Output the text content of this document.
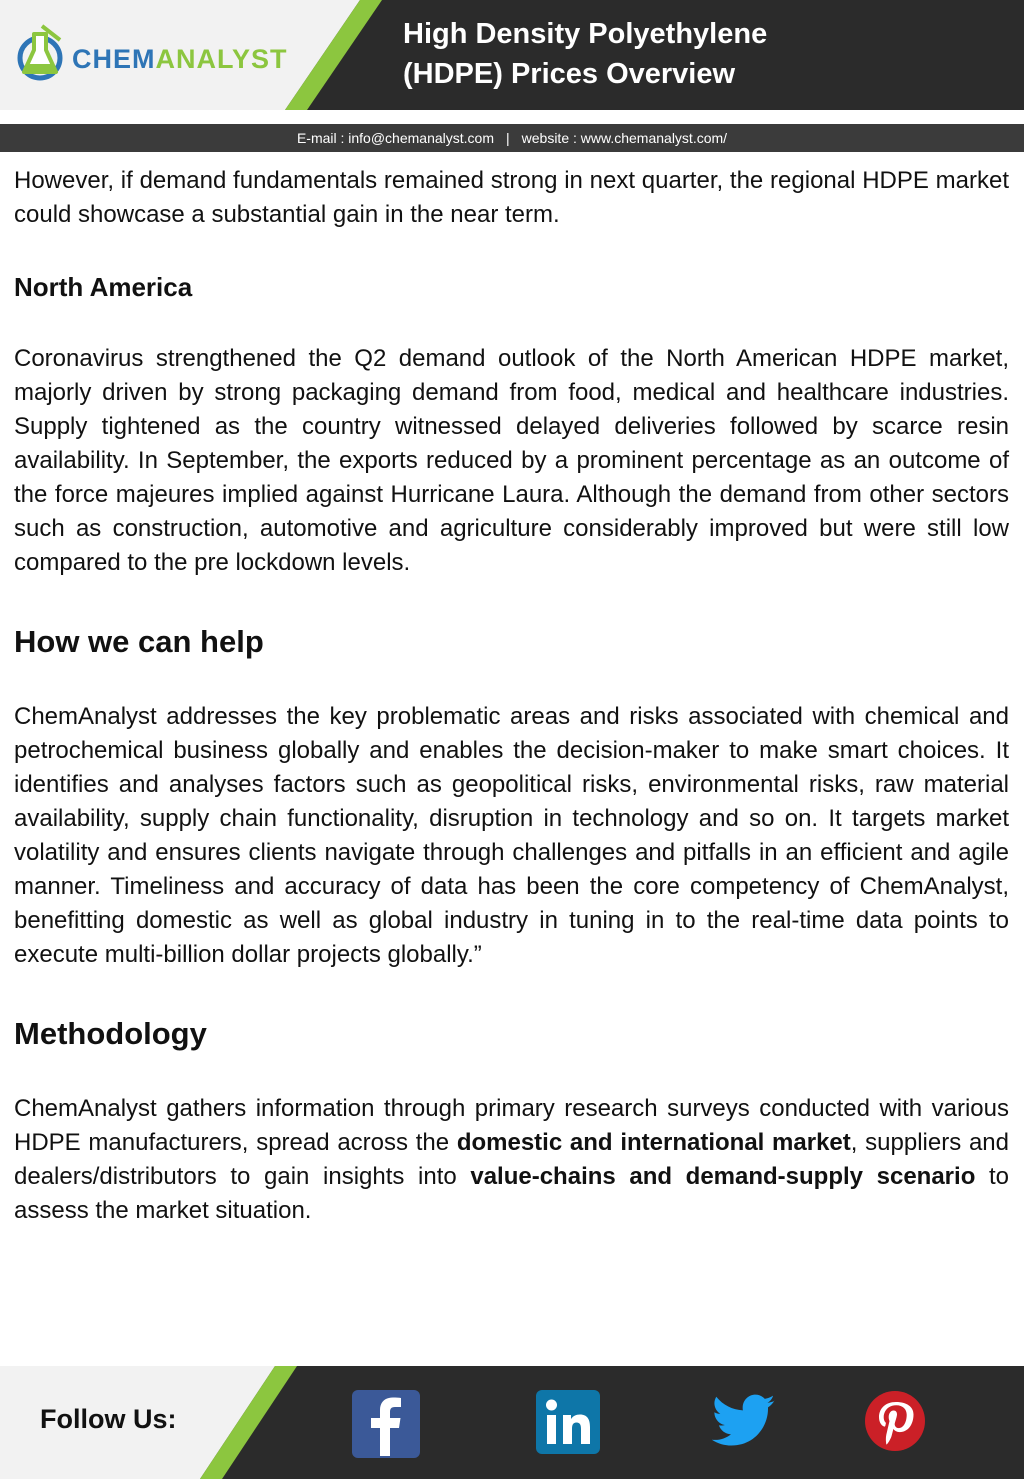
CHEMANALYST
High Density Polyethylene
(HDPE) Prices Overview
E-mail : info@chemanalyst.com | website : www.chemanalyst.com/

However, if demand fundamentals remained strong in next quarter, the regional HDPE market could showcase a substantial gain in the near term.

North America

Coronavirus strengthened the Q2 demand outlook of the North American HDPE market, majorly driven by strong packaging demand from food, medical and healthcare industries. Supply tightened as the country witnessed delayed deliveries followed by scarce resin availability. In September, the exports reduced by a prominent percentage as an outcome of the force majeures implied against Hurricane Laura. Although the demand from other sectors such as construction, automotive and agriculture considerably improved but were still low compared to the pre lockdown levels.

How we can help

ChemAnalyst addresses the key problematic areas and risks associated with chemical and petrochemical business globally and enables the decision-maker to make smart choices. It identifies and analyses factors such as geopolitical risks, environmental risks, raw material availability, supply chain functionality, disruption in technology and so on. It targets market volatility and ensures clients navigate through challenges and pitfalls in an efficient and agile manner. Timeliness and accuracy of data has been the core competency of ChemAnalyst, benefitting domestic as well as global industry in tuning in to the real-time data points to execute multi-billion dollar projects globally.”

Methodology

ChemAnalyst gathers information through primary research surveys conducted with various HDPE manufacturers, spread across the domestic and international market, suppliers and dealers/distributors to gain insights into value-chains and demand-supply scenario to assess the market situation.

Follow Us:
